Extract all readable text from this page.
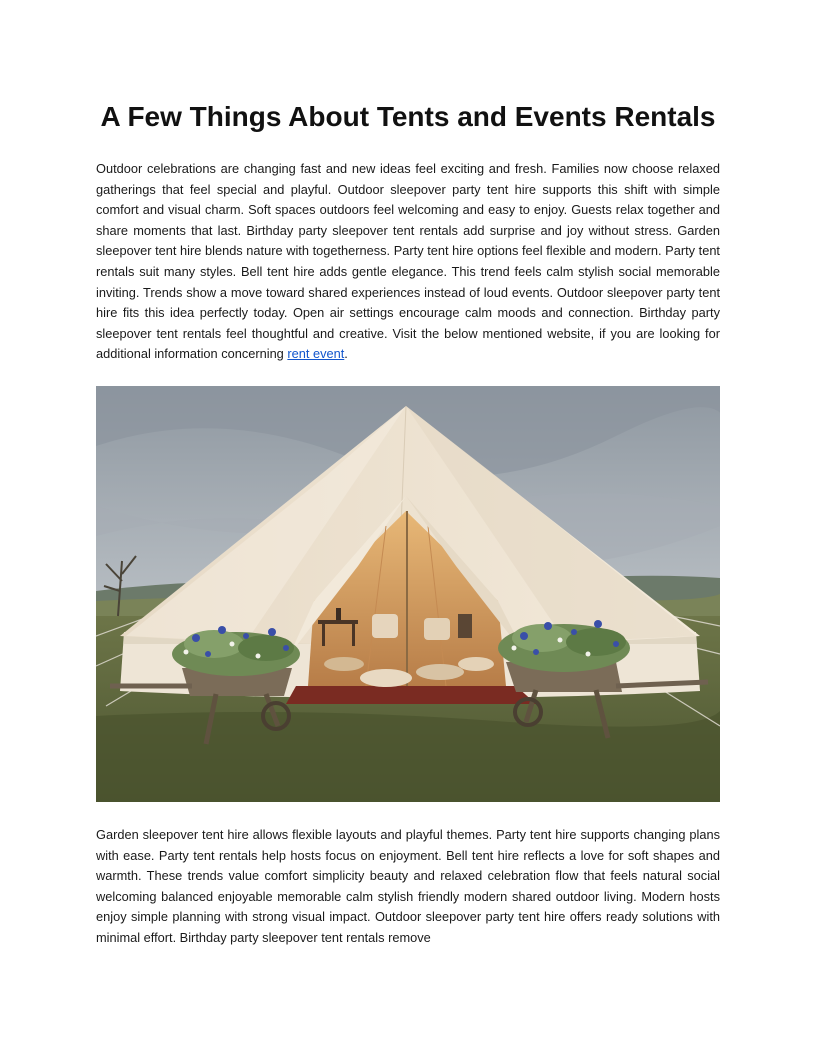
A Few Things About Tents and Events Rentals

Outdoor celebrations are changing fast and new ideas feel exciting and fresh. Families now choose relaxed gatherings that feel special and playful. Outdoor sleepover party tent hire supports this shift with simple comfort and visual charm. Soft spaces outdoors feel welcoming and easy to enjoy. Guests relax together and share moments that last. Birthday party sleepover tent rentals add surprise and joy without stress. Garden sleepover tent hire blends nature with togetherness. Party tent hire options feel flexible and modern. Party tent rentals suit many styles. Bell tent hire adds gentle elegance. This trend feels calm stylish social memorable inviting. Trends show a move toward shared experiences instead of loud events. Outdoor sleepover party tent hire fits this idea perfectly today. Open air settings encourage calm moods and connection. Birthday party sleepover tent rentals feel thoughtful and creative. Visit the below mentioned website, if you are looking for additional information concerning rent event.

Garden sleepover tent hire allows flexible layouts and playful themes. Party tent hire supports changing plans with ease. Party tent rentals help hosts focus on enjoyment. Bell tent hire reflects a love for soft shapes and warmth. These trends value comfort simplicity beauty and relaxed celebration flow that feels natural social welcoming balanced enjoyable memorable calm stylish friendly modern shared outdoor living. Modern hosts enjoy simple planning with strong visual impact. Outdoor sleepover party tent hire offers ready solutions with minimal effort. Birthday party sleepover tent rentals remove
